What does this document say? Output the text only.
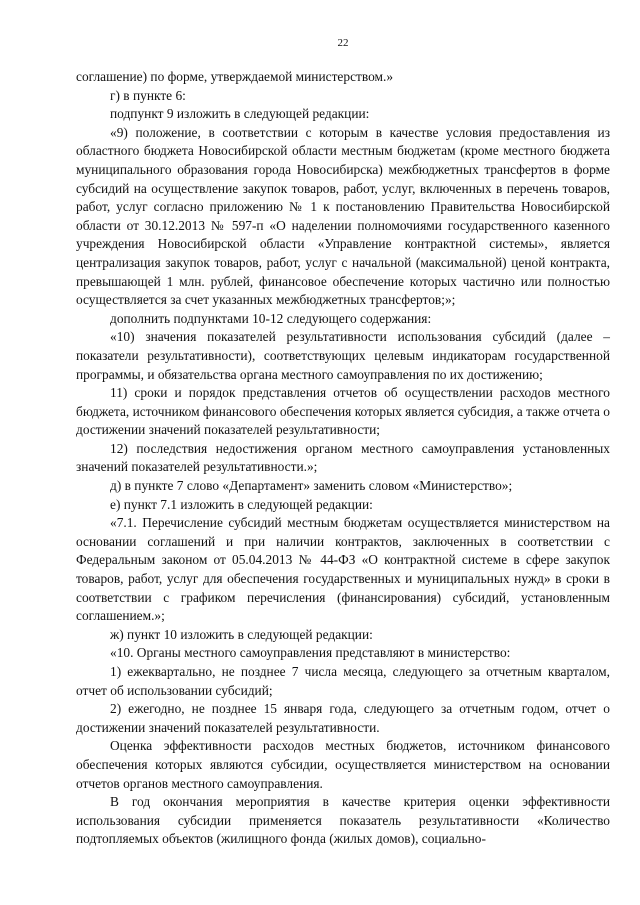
22

соглашение) по форме, утверждаемой министерством.»

г) в пункте 6:

подпункт 9 изложить в следующей редакции:

«9) положение, в соответствии с которым в качестве условия предоставления из областного бюджета Новосибирской области местным бюджетам (кроме местного бюджета муниципального образования города Новосибирска) межбюджетных трансфертов в форме субсидий на осуществление закупок товаров, работ, услуг, включенных в перечень товаров, работ, услуг согласно приложению № 1 к постановлению Правительства Новосибирской области от 30.12.2013 № 597-п «О наделении полномочиями государственного казенного учреждения Новосибирской области «Управление контрактной системы», является централизация закупок товаров, работ, услуг с начальной (максимальной) ценой контракта, превышающей 1 млн. рублей, финансовое обеспечение которых частично или полностью осуществляется за счет указанных межбюджетных трансфертов;»;

дополнить подпунктами 10-12 следующего содержания:

«10) значения показателей результативности использования субсидий (далее – показатели результативности), соответствующих целевым индикаторам государственной программы, и обязательства органа местного самоуправления по их достижению;

11) сроки и порядок представления отчетов об осуществлении расходов местного бюджета, источником финансового обеспечения которых является субсидия, а также отчета о достижении значений показателей результативности;

12) последствия недостижения органом местного самоуправления установленных значений показателей результативности.»;

д) в пункте 7 слово «Департамент» заменить словом «Министерство»;

е) пункт 7.1 изложить в следующей редакции:

«7.1. Перечисление субсидий местным бюджетам осуществляется министерством на основании соглашений и при наличии контрактов, заключенных в соответствии с Федеральным законом от 05.04.2013 № 44-ФЗ «О контрактной системе в сфере закупок товаров, работ, услуг для обеспечения государственных и муниципальных нужд» в сроки в соответствии с графиком перечисления (финансирования) субсидий, установленным соглашением.»;

ж) пункт 10 изложить в следующей редакции:

«10. Органы местного самоуправления представляют в министерство:

1) ежеквартально, не позднее 7 числа месяца, следующего за отчетным кварталом, отчет об использовании субсидий;

2) ежегодно, не позднее 15 января года, следующего за отчетным годом, отчет о достижении значений показателей результативности.

Оценка эффективности расходов местных бюджетов, источником финансового обеспечения которых являются субсидии, осуществляется министерством на основании отчетов органов местного самоуправления.

В год окончания мероприятия в качестве критерия оценки эффективности использования субсидии применяется показатель результативности «Количество подтопляемых объектов (жилищного фонда (жилых домов), социально-
